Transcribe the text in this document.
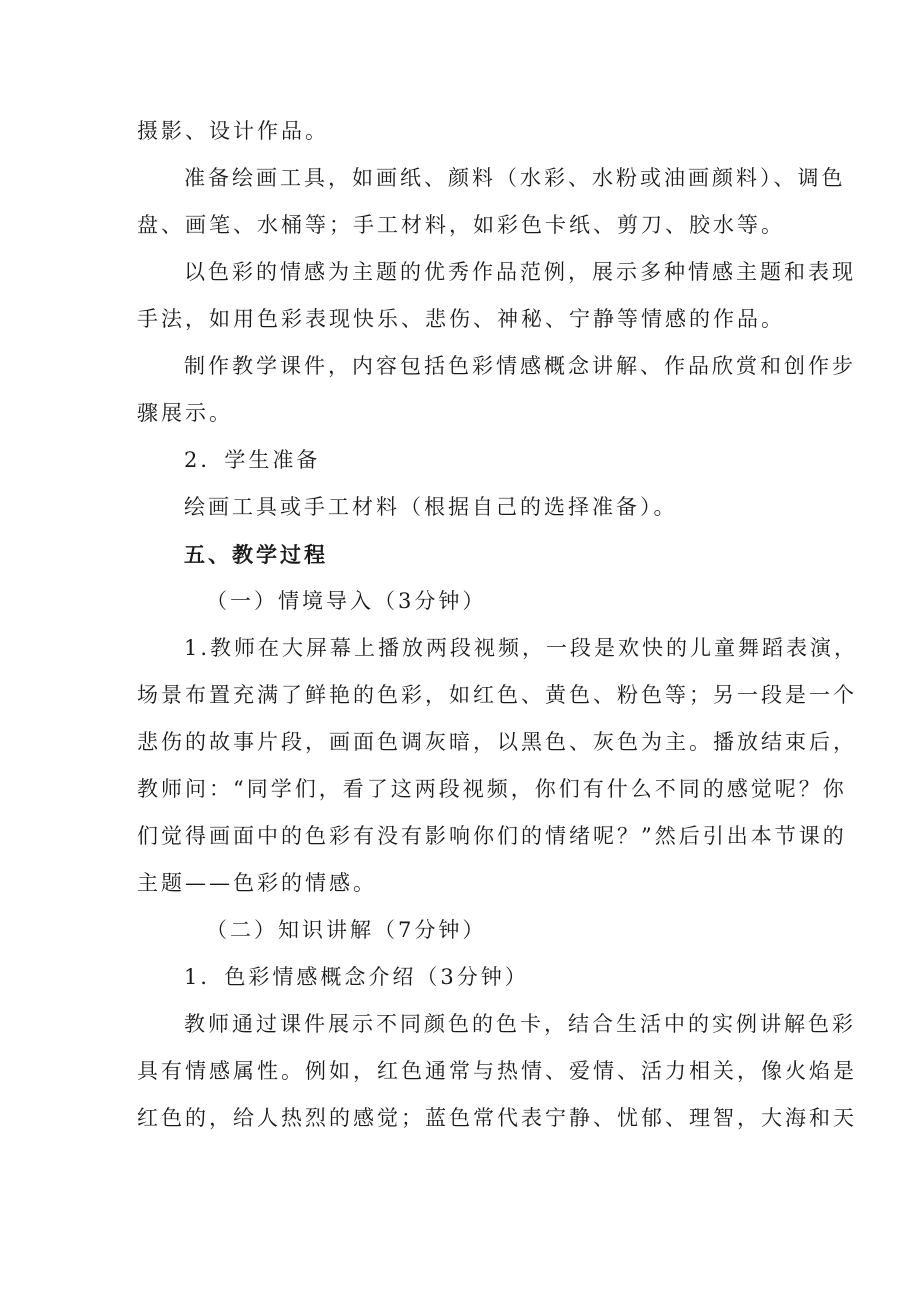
摄影、设计作品。

准备绘画工具，如画纸、颜料（水彩、水粉或油画颜料）、调色

盘、画笔、水桶等；手工材料，如彩色卡纸、剪刀、胶水等。

以色彩的情感为主题的优秀作品范例，展示多种情感主题和表现

手法，如用色彩表现快乐、悲伤、神秘、宁静等情感的作品。

制作教学课件，内容包括色彩情感概念讲解、作品欣赏和创作步

骤展示。

2．学生准备

绘画工具或手工材料（根据自己的选择准备）。

五、教学过程

（一）情境导入（3分钟）

1.教师在大屏幕上播放两段视频，一段是欢快的儿童舞蹈表演，

场景布置充满了鲜艳的色彩，如红色、黄色、粉色等；另一段是一个

悲伤的故事片段，画面色调灰暗，以黑色、灰色为主。播放结束后，

教师问：“同学们，看了这两段视频，你们有什么不同的感觉呢？你

们觉得画面中的色彩有没有影响你们的情绪呢？”然后引出本节课的

主题——色彩的情感。

（二）知识讲解（7分钟）

1．色彩情感概念介绍（3分钟）

教师通过课件展示不同颜色的色卡，结合生活中的实例讲解色彩

具有情感属性。例如，红色通常与热情、爱情、活力相关，像火焰是

红色的，给人热烈的感觉；蓝色常代表宁静、忧郁、理智，大海和天
